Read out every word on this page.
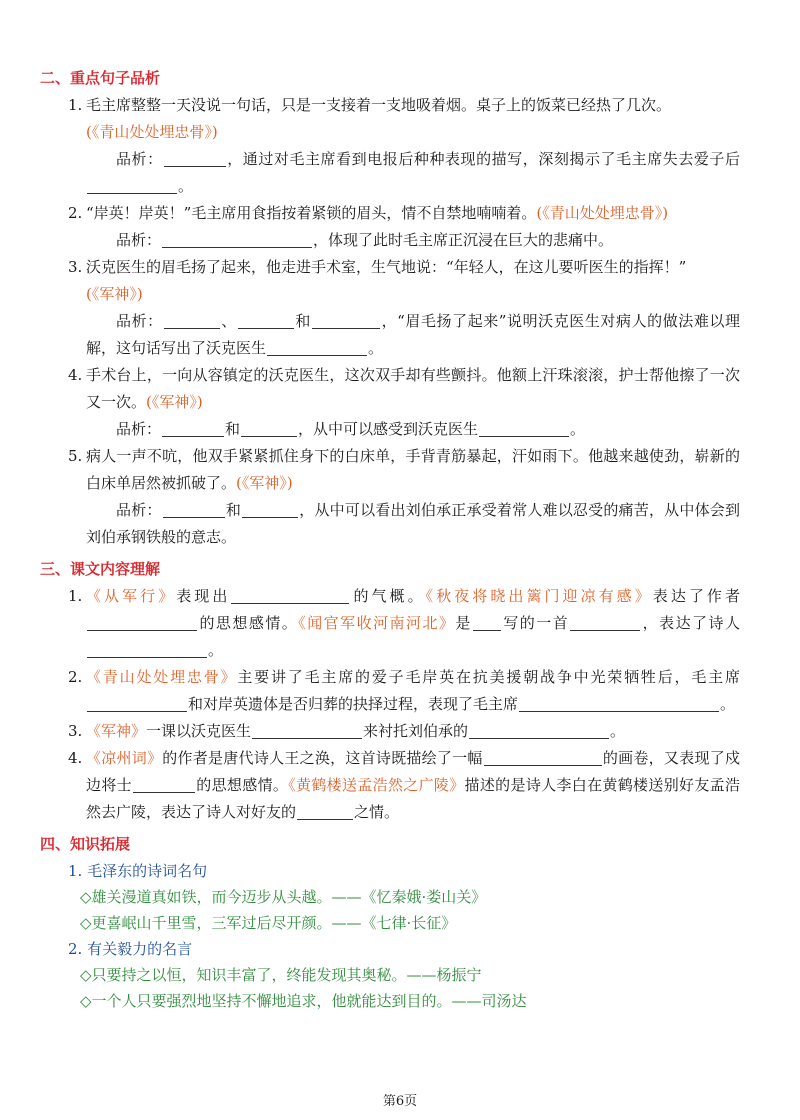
二、重点句子品析
1. 毛主席整整一天没说一句话，只是一支接着一支地吸着烟。桌子上的饭菜已经热了几次。
(《青山处处埋忠骨》)
品析：	，通过对毛主席看到电报后种种表现的描写，深刻揭示了毛主席失去爱子后。
2. “岸英！岸英！”毛主席用食指按着紧锁的眉头，情不自禁地喃喃着。(《青山处处埋忠骨》)
品析：	，体现了此时毛主席正沉浸在巨大的悲痛中。
3. 沃克医生的眉毛扬了起来，他走进手术室，生气地说：“年轻人，在这儿要听医生的指挥！”
(《军神》)
品析：	、	和	，“眉毛扬了起来”说明沃克医生对病人的做法难以理解，这句话写出了沃克医生	。
4. 手术台上，一向从容镇定的沃克医生，这次双手却有些颤抖。他额上汗珠滚滚，护士帮他擦了一次又一次。(《军神》)
品析：	和	，从中可以感受到沃克医生	。
5. 病人一声不吭，他双手紧紧抓住身下的白床单，手背青筋暴起，汗如雨下。他越来越使劲，崭新的白床单居然被抓破了。(《军神》)
品析：	和	，从中可以看出刘伯承正承受着常人难以忍受的痛苦，从中体会到刘伯承钢铁般的意志。
三、课文内容理解
1. 《从军行》表现出	的气概。《秋夜将晓出篱门迎凉有感》表达了作者的思想感情。《闻官军收河南河北》是 写的一首	，表达了诗人。
2. 《青山处处埋忠骨》主要讲了毛主席的爱子毛岸英在抗美援朝战争中光荣牺牲后，毛主席和对岸英遗体是否归葬的抉择过程，表现了毛主席	。
3. 《军神》一课以沃克医生	来衬托刘伯承的	。
4. 《凉州词》的作者是唐代诗人王之涣，这首诗既描绘了一幅	的画卷，又表现了戍边将士	的思想感情。《黄鹤楼送孟浩然之广陵》描述的是诗人李白在黄鹤楼送别好友孟浩然去广陵，表达了诗人对好友的	之情。
四、知识拓展
1. 毛泽东的诗词名句
◇雄关漫道真如铁，而今迈步从头越。——《忆秦娥·娄山关》
◇更喜岷山千里雪，三军过后尽开颜。——《七律·长征》
2. 有关毅力的名言
◇只要持之以恒，知识丰富了，终能发现其奥秘。——杨振宁
◇一个人只要强烈地坚持不懈地追求，他就能达到目的。——司汤达
第6页
